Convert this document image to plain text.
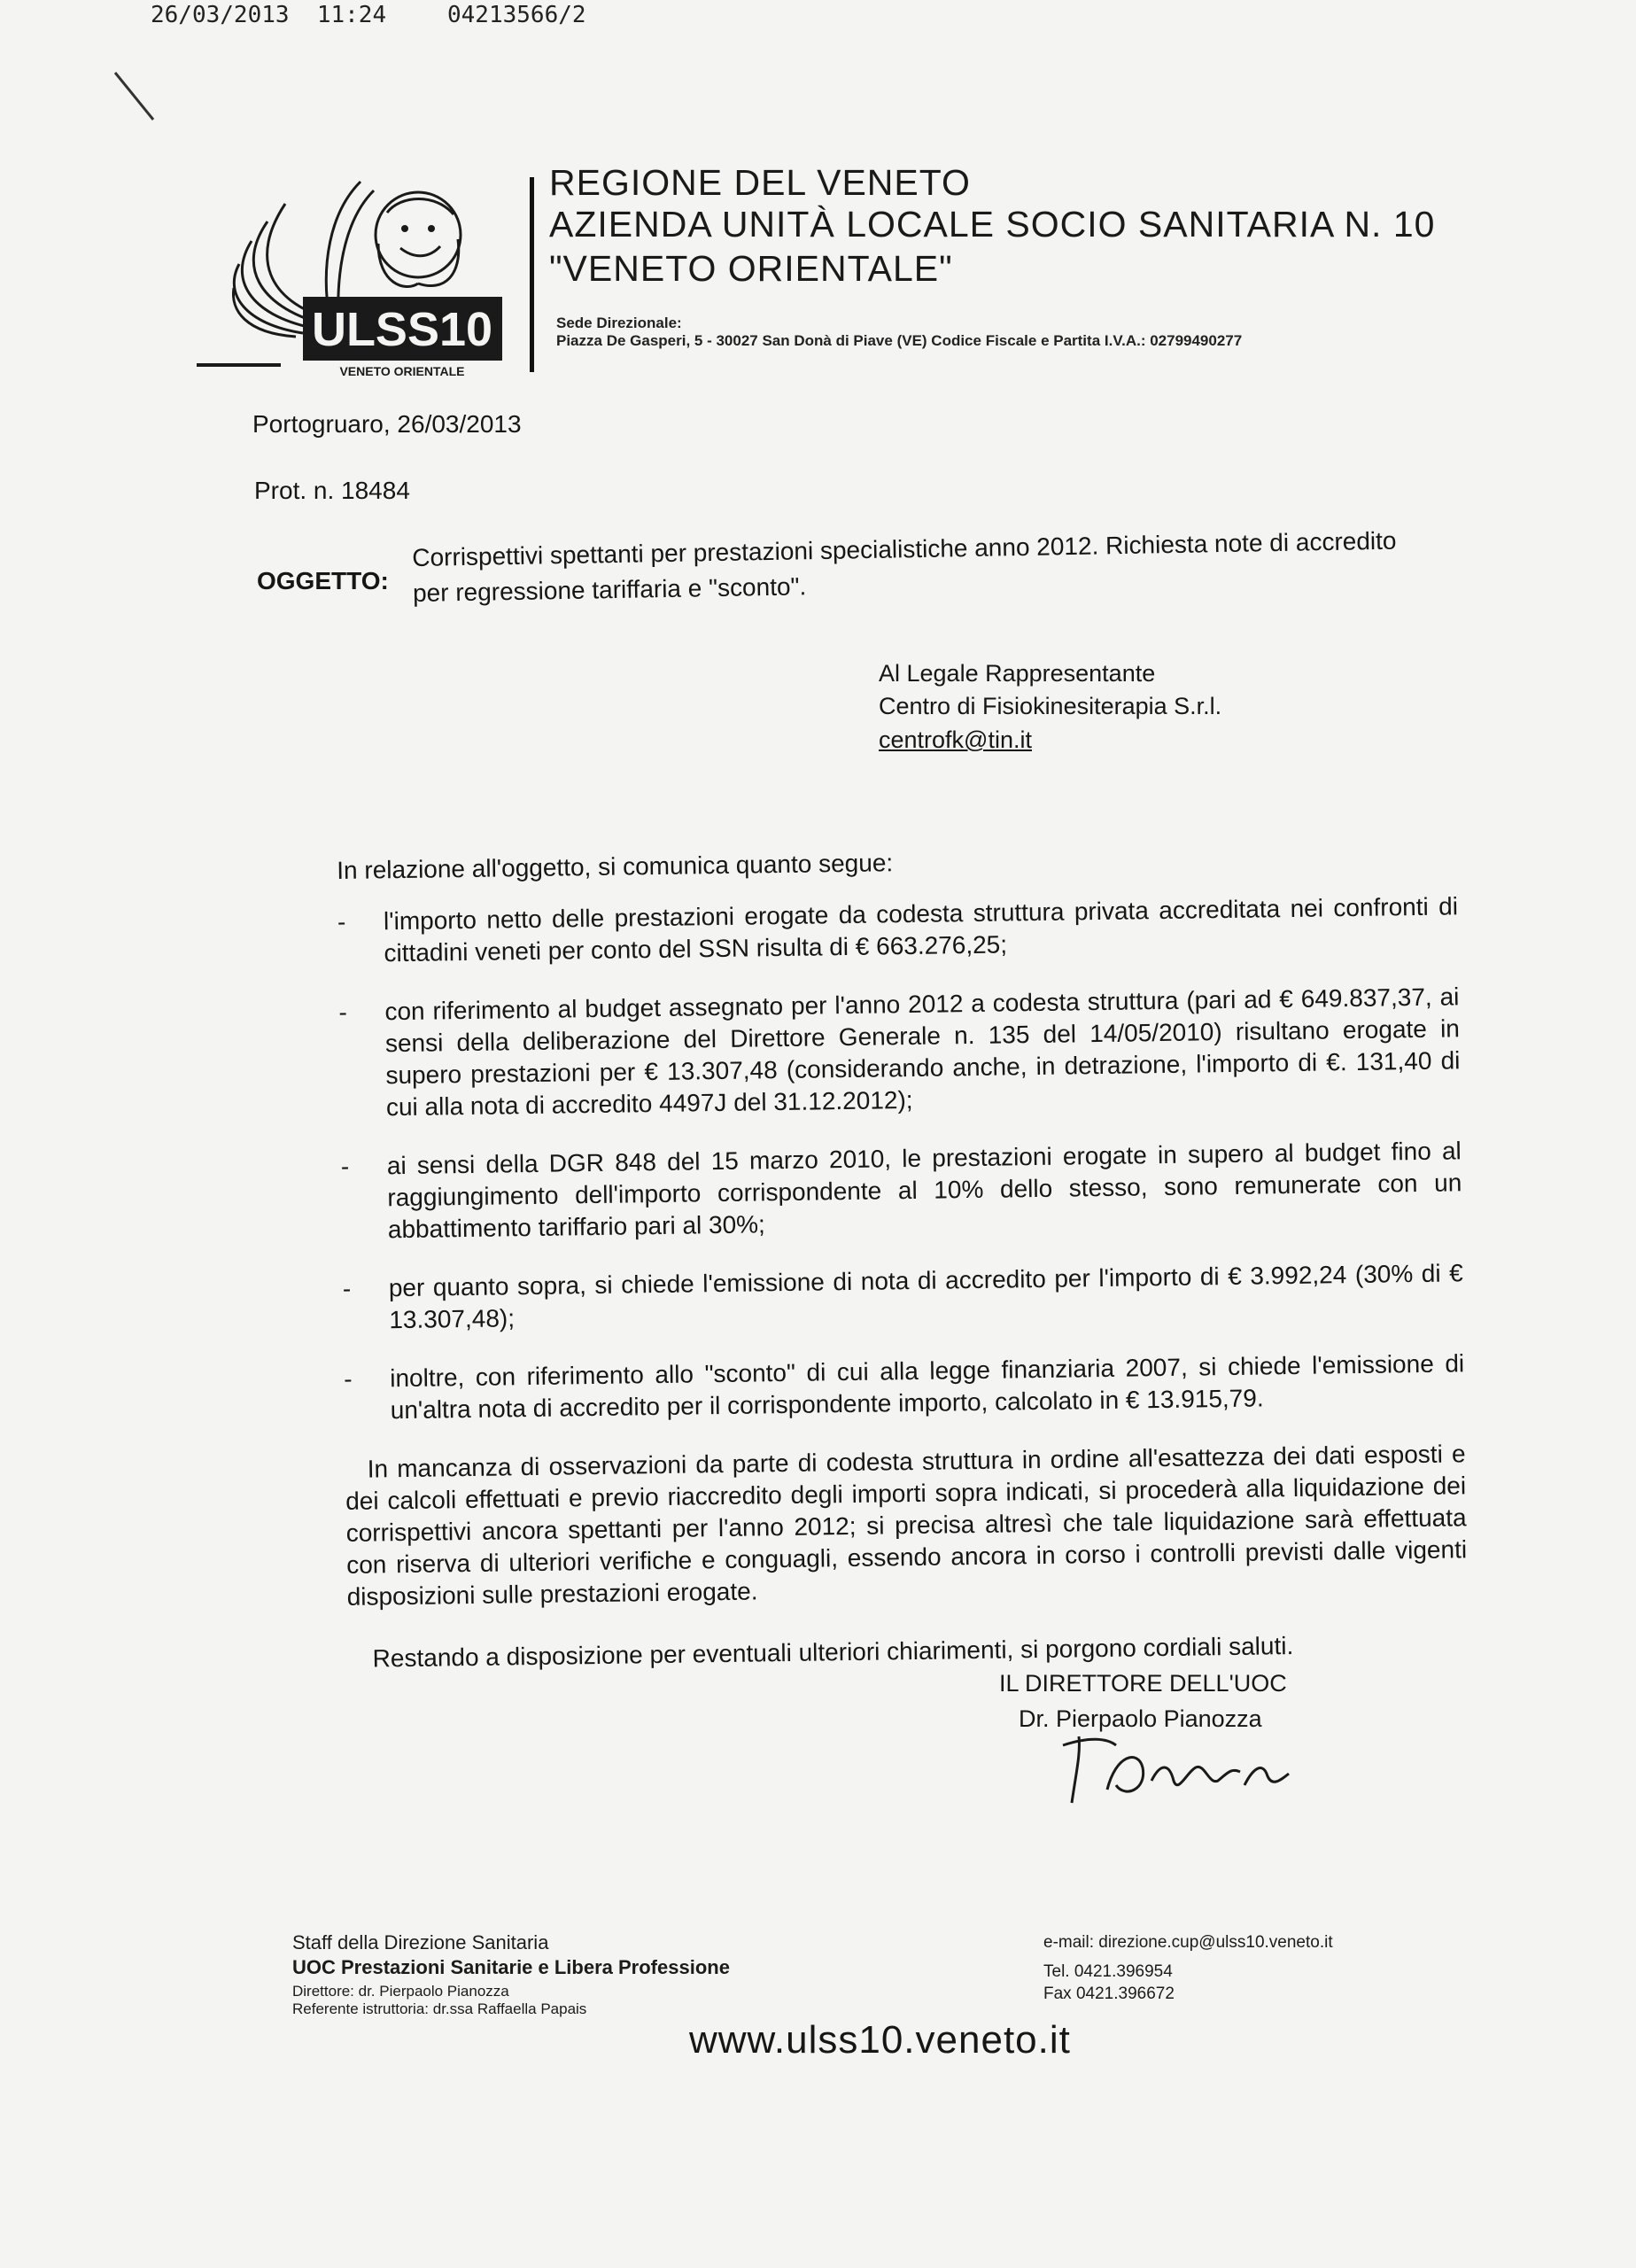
26/03/2013  11:24	04213566/2
ULSS10
VENETO ORIENTALE
REGIONE DEL VENETO
AZIENDA UNITÀ LOCALE SOCIO SANITARIA N. 10
"VENETO ORIENTALE"
Sede Direzionale:
Piazza De Gasperi, 5 - 30027 San Donà di Piave (VE) Codice Fiscale e Partita I.V.A.: 02799490277
Portogruaro, 26/03/2013
Prot. n. 18484
OGGETTO:
Corrispettivi spettanti per prestazioni specialistiche anno 2012. Richiesta note di accredito per regressione tariffaria e "sconto".
Al Legale Rappresentante
Centro di Fisiokinesiterapia S.r.l.
centrofk@tin.it

In relazione all'oggetto, si comunica quanto segue:

- l'importo netto delle prestazioni erogate da codesta struttura privata accreditata nei confronti di cittadini veneti per conto del SSN risulta di € 663.276,25;
- con riferimento al budget assegnato per l'anno 2012 a codesta struttura (pari ad € 649.837,37, ai sensi della deliberazione del Direttore Generale n. 135 del 14/05/2010) risultano erogate in supero prestazioni per € 13.307,48 (considerando anche, in detrazione, l'importo di €. 131,40 di cui alla nota di accredito 4497J del 31.12.2012);
- ai sensi della DGR 848 del 15 marzo 2010, le prestazioni erogate in supero al budget fino al raggiungimento dell'importo corrispondente al 10% dello stesso, sono remunerate con un abbattimento tariffario pari al 30%;
- per quanto sopra, si chiede l'emissione di nota di accredito per l'importo di € 3.992,24 (30% di € 13.307,48);
- inoltre, con riferimento allo "sconto" di cui alla legge finanziaria 2007, si chiede l'emissione di un'altra nota di accredito per il corrispondente importo, calcolato in € 13.915,79.

In mancanza di osservazioni da parte di codesta struttura in ordine all'esattezza dei dati esposti e dei calcoli effettuati e previo riaccredito degli importi sopra indicati, si procederà alla liquidazione dei corrispettivi ancora spettanti per l'anno 2012; si precisa altresì che tale liquidazione sarà effettuata con riserva di ulteriori verifiche e conguagli, essendo ancora in corso i controlli previsti dalle vigenti disposizioni sulle prestazioni erogate.

Restando a disposizione per eventuali ulteriori chiarimenti, si porgono cordiali saluti.

IL DIRETTORE DELL'UOC
Dr. Pierpaolo Pianozza
Staff della Direzione Sanitaria
UOC Prestazioni Sanitarie e Libera Professione
Direttore: dr. Pierpaolo Pianozza
Referente istruttoria: dr.ssa Raffaella Papais
e-mail: direzione.cup@ulss10.veneto.it
Tel. 0421.396954
Fax 0421.396672
www.ulss10.veneto.it
